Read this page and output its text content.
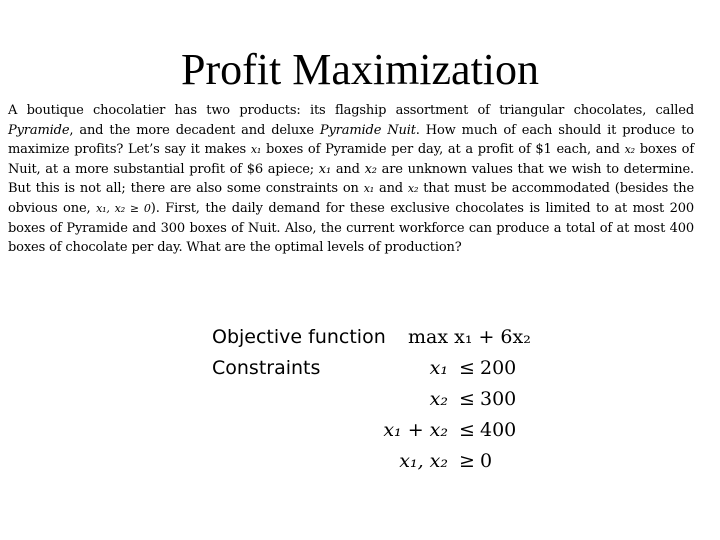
Profit Maximization

A boutique chocolatier has two products: its flagship assortment of triangular chocolates, called Pyramide, and the more decadent and deluxe Pyramide Nuit. How much of each should it produce to maximize profits? Let’s say it makes x₁ boxes of Pyramide per day, at a profit of $1 each, and x₂ boxes of Nuit, at a more substantial profit of $6 apiece; x₁ and x₂ are unknown values that we wish to determine. But this is not all; there are also some constraints on x₁ and x₂ that must be accommodated (besides the obvious one, x₁, x₂ ≥ 0). First, the daily demand for these exclusive chocolates is limited to at most 200 boxes of Pyramide and 300 boxes of Nuit. Also, the current workforce can produce a total of at most 400 boxes of chocolate per day. What are the optimal levels of production?

Objective function max x₁ + 6x₂
Constraints	x₁ ≤ 200
x₂ ≤ 300
x₁ + x₂ ≤ 400
x₁, x₂ ≥ 0
